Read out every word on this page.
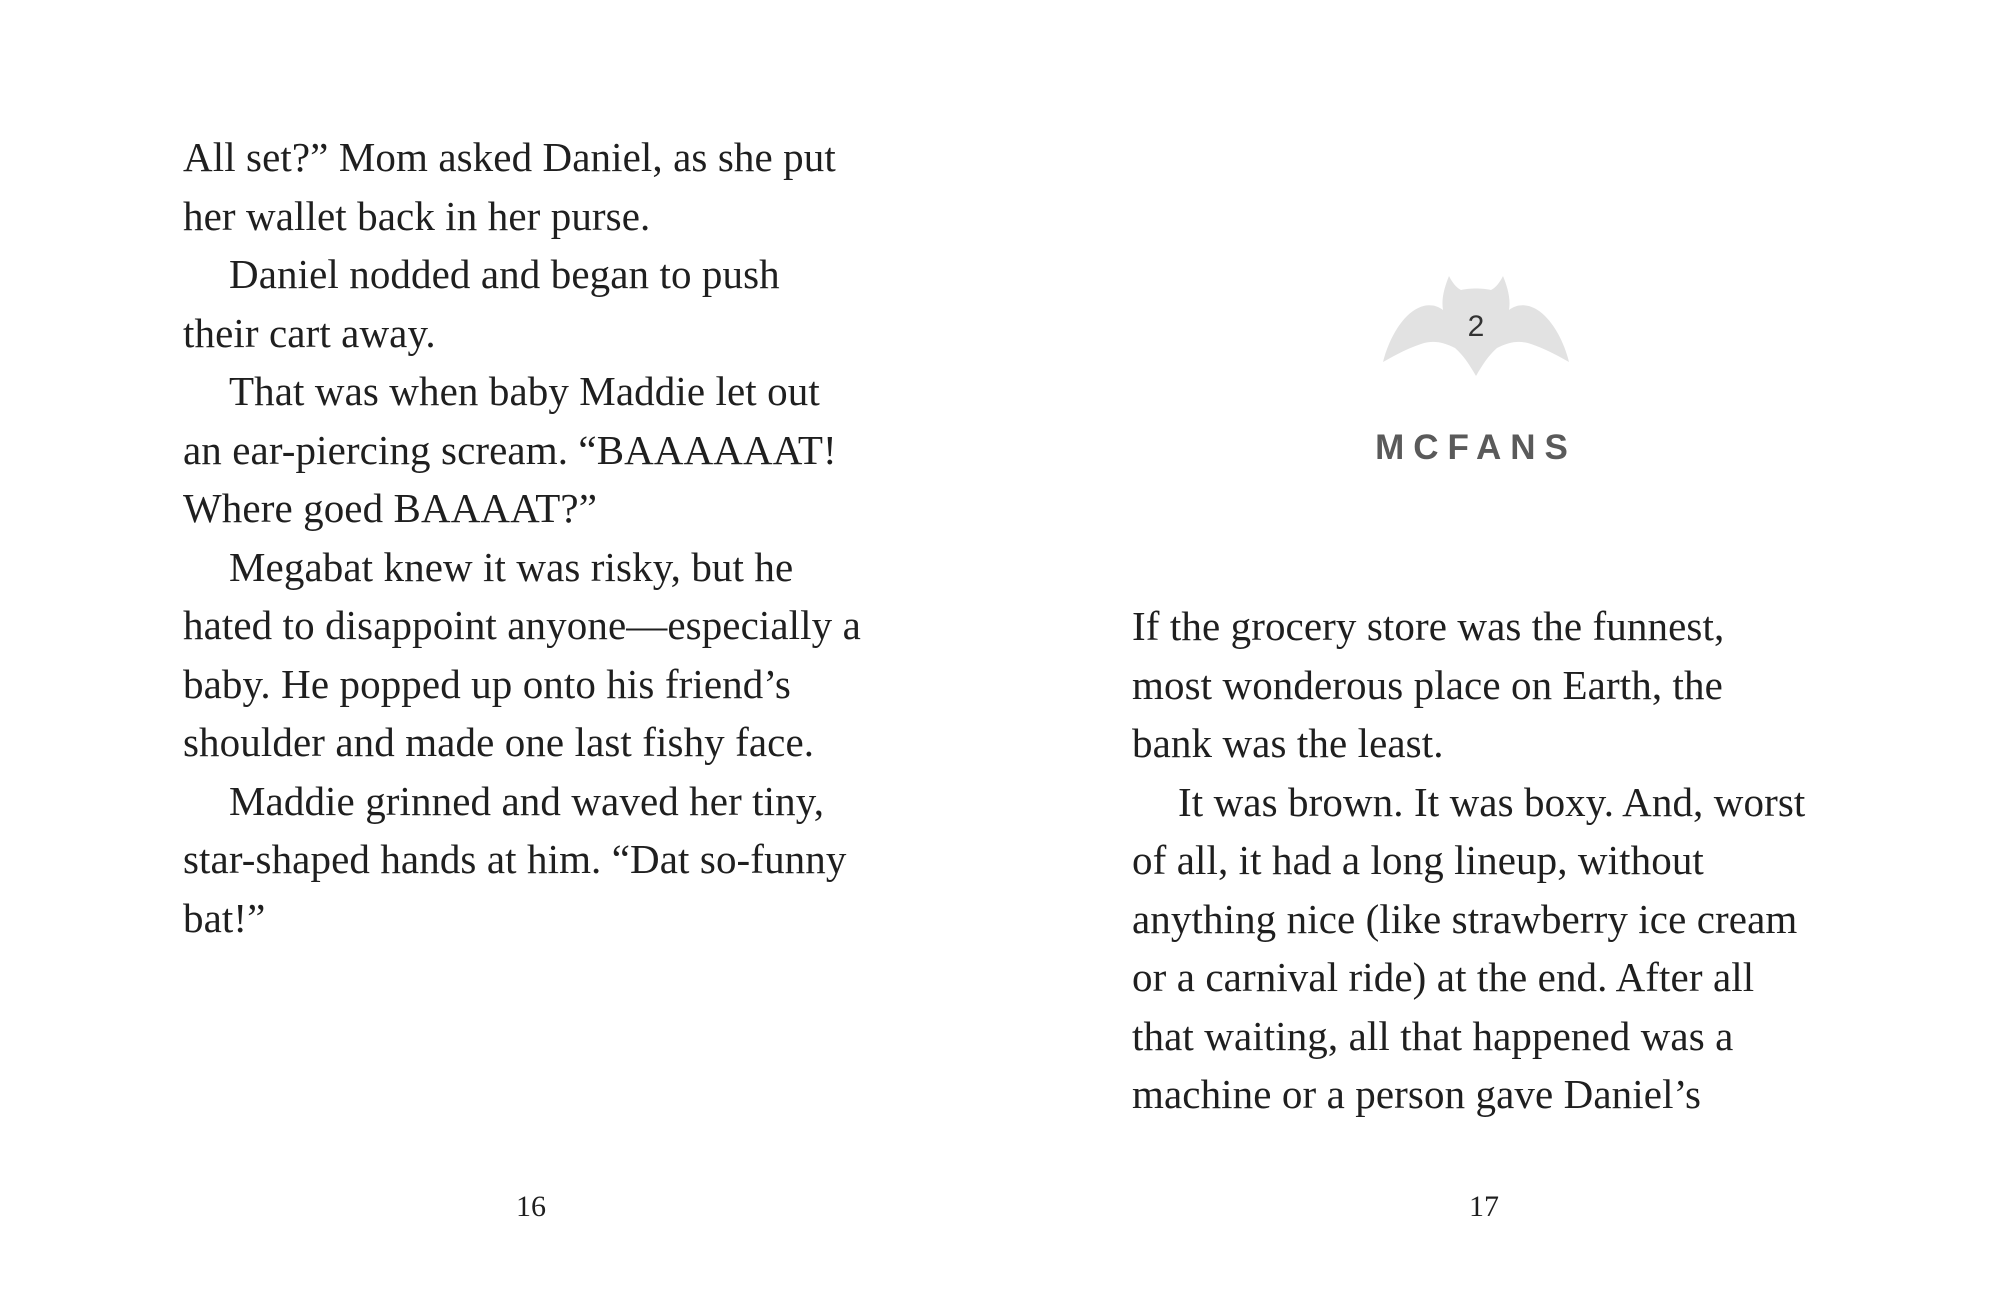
All set?” Mom asked Daniel, as she put
her wallet back in her purse.
Daniel nodded and began to push
their cart away.
That was when baby Maddie let out
an ear-piercing scream. “BAAAAAAT!
Where goed BAAAAT?”
Megabat knew it was risky, but he
hated to disappoint anyone—especially a
baby. He popped up onto his friend’s
shoulder and made one last fishy face.
Maddie grinned and waved her tiny,
star-shaped hands at him. “Dat so-funny
bat!”
16
2
MCFANS
If the grocery store was the funnest,
most wonderous place on Earth, the
bank was the least.
It was brown. It was boxy. And, worst
of all, it had a long lineup, without
anything nice (like strawberry ice cream
or a carnival ride) at the end. After all
that waiting, all that happened was a
machine or a person gave Daniel’s
17
